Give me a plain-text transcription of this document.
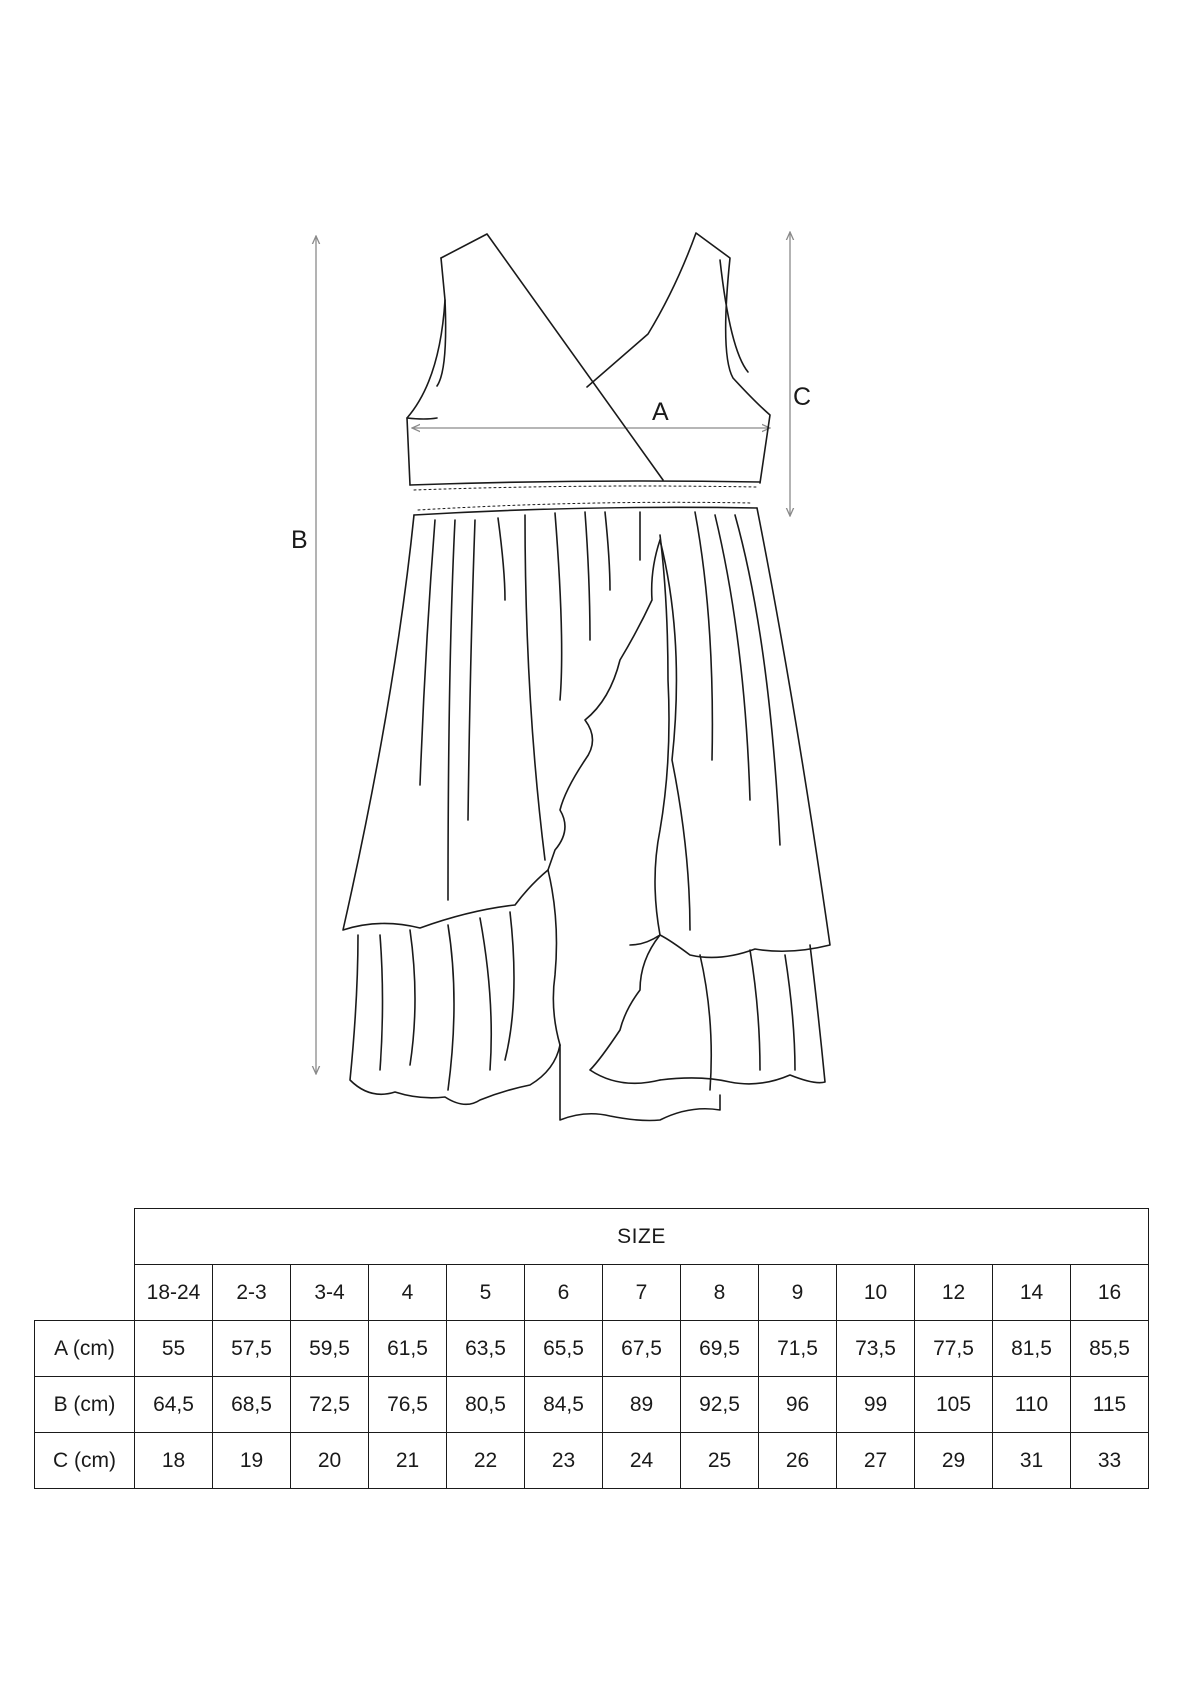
B
C
A
	SIZE												
	18-24	2-3	3-4	4	5	6	7	8	9	10	12	14	16
A (cm)	55	57,5	59,5	61,5	63,5	65,5	67,5	69,5	71,5	73,5	77,5	81,5	85,5
B (cm)	64,5	68,5	72,5	76,5	80,5	84,5	89	92,5	96	99	105	110	115
C (cm)	18	19	20	21	22	23	24	25	26	27	29	31	33
